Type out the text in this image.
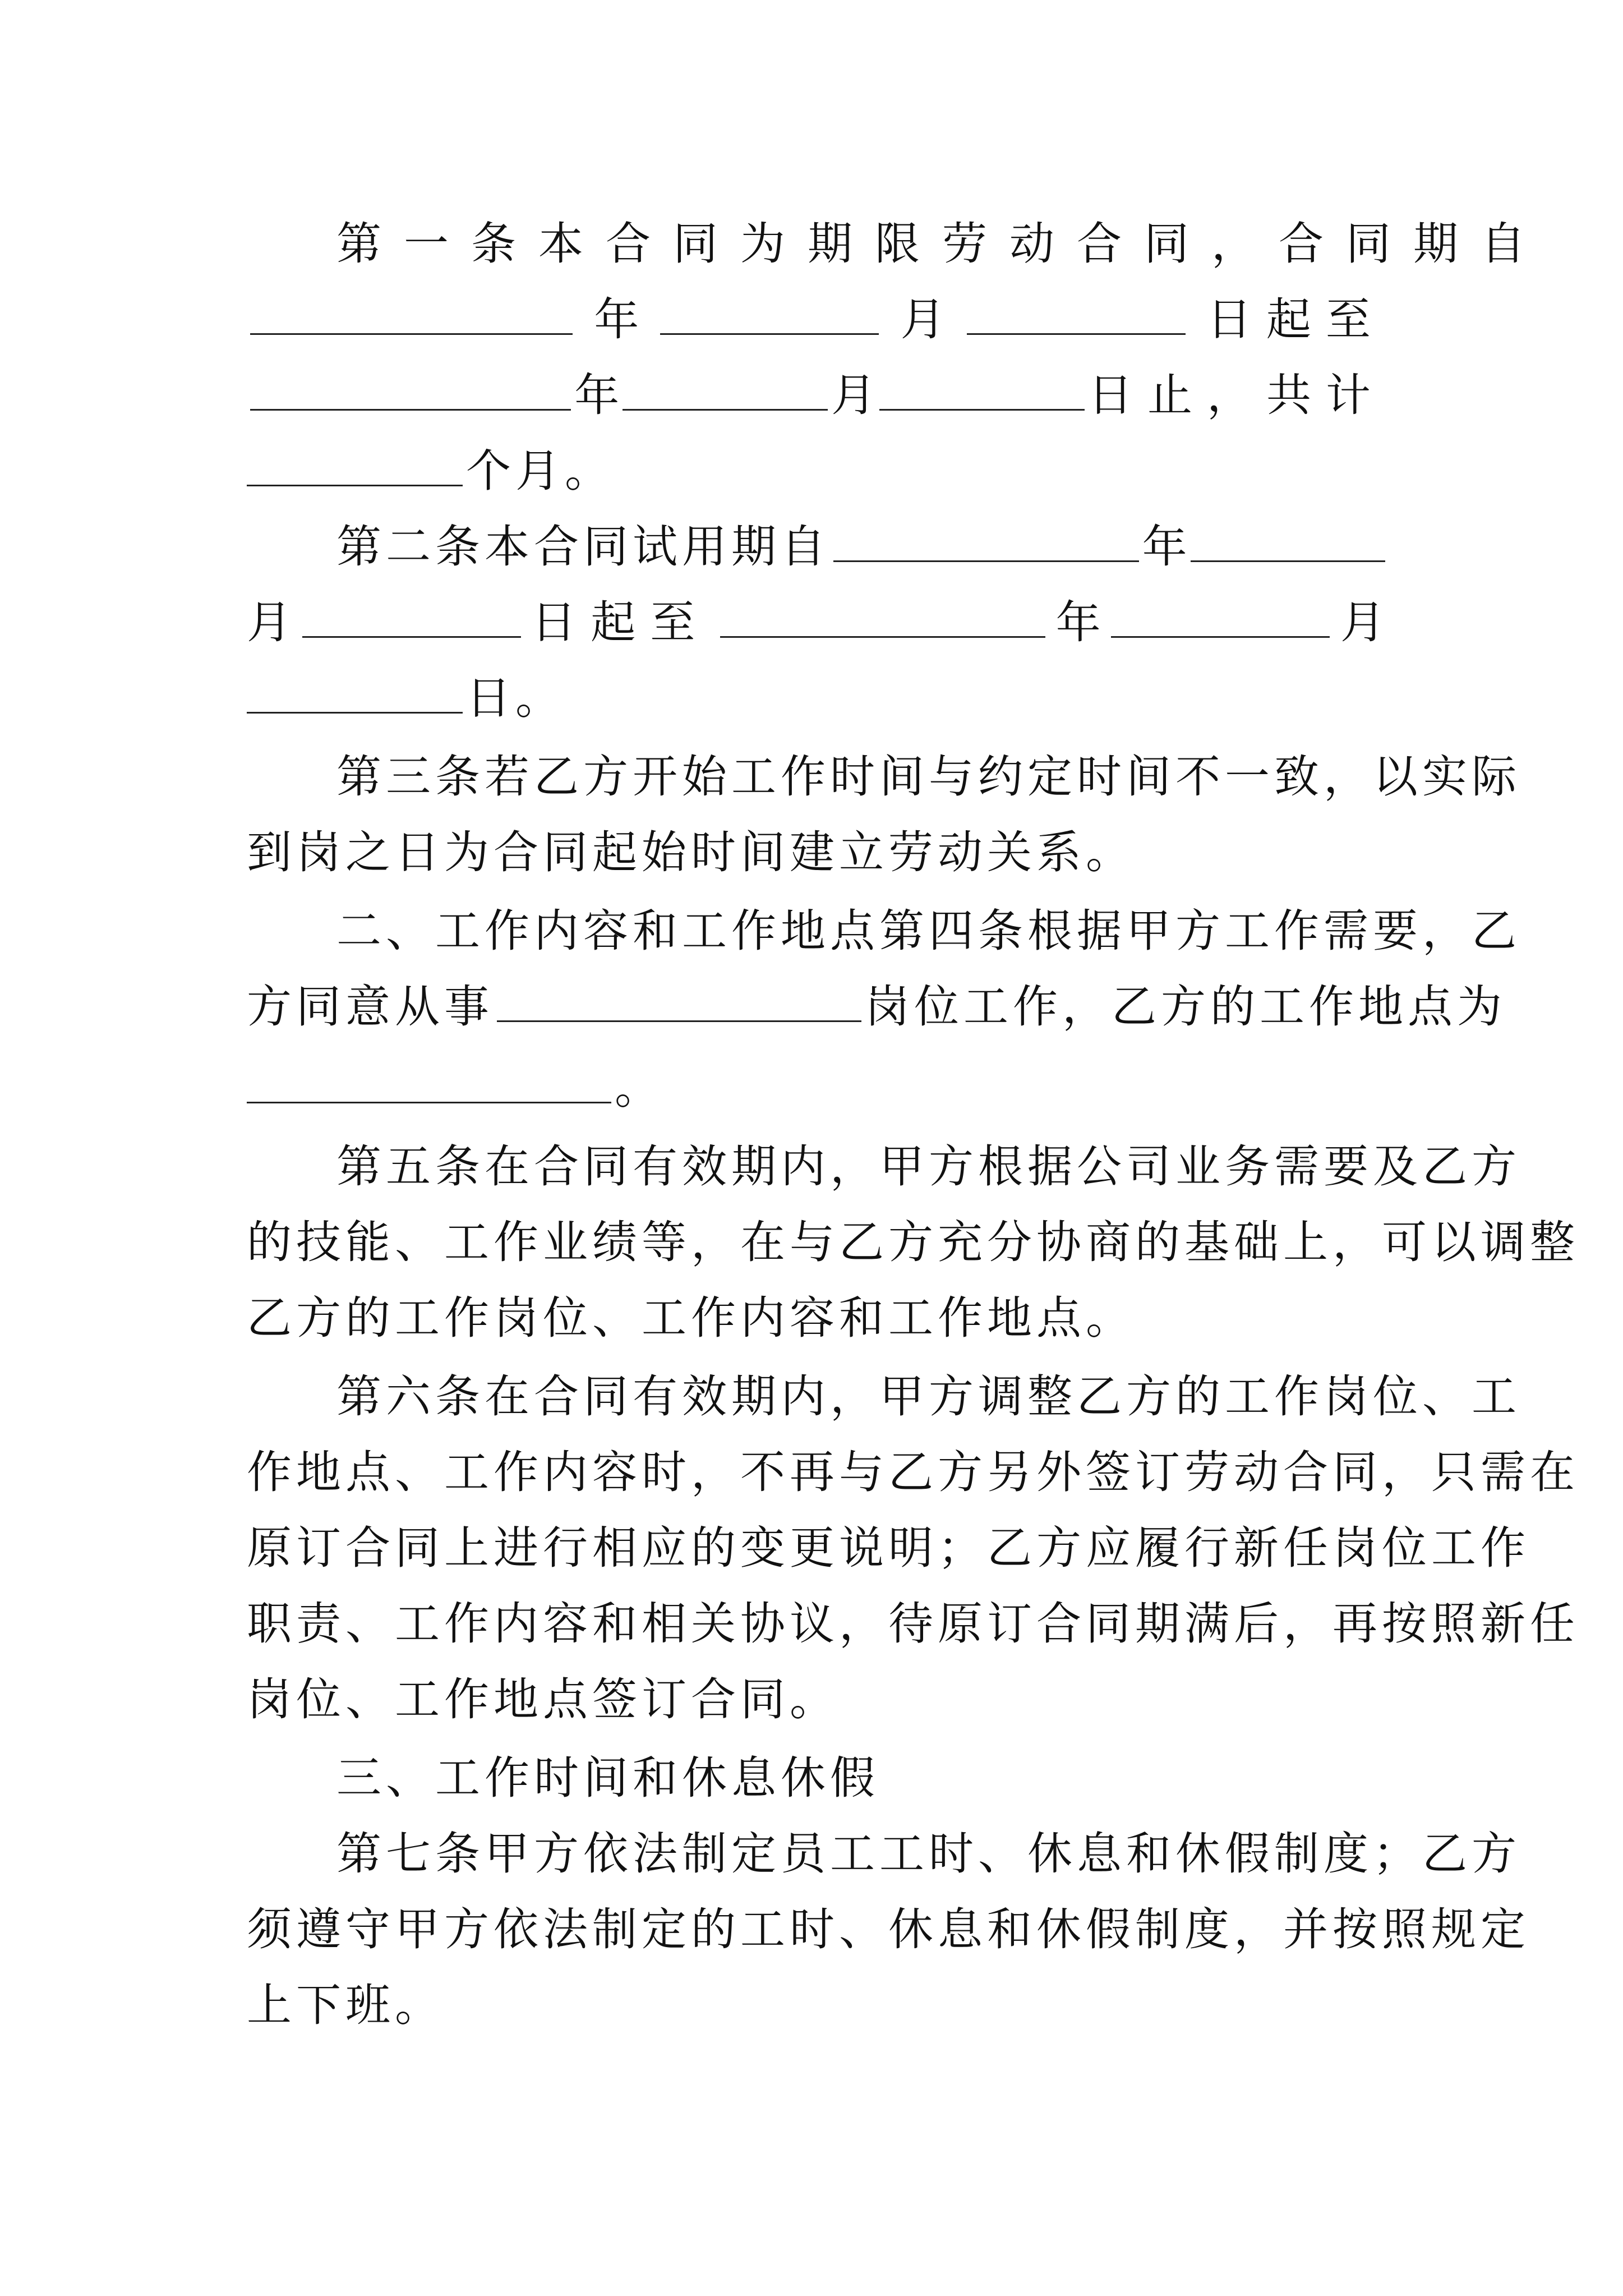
第一条本合同为期限劳动合同，合同期自
年	月	日起至
年	月	日止，共计
个月。
第二条本合同试用期自	年
月	日起至	年	月
日。
第三条若乙方开始工作时间与约定时间不一致，以实际
到岗之日为合同起始时间建立劳动关系。
二、工作内容和工作地点第四条根据甲方工作需要，乙
方同意从事	岗位工作，乙方的工作地点为
。
第五条在合同有效期内，甲方根据公司业务需要及乙方
的技能、工作业绩等，在与乙方充分协商的基础上，可以调整
乙方的工作岗位、工作内容和工作地点。
第六条在合同有效期内，甲方调整乙方的工作岗位、工
作地点、工作内容时，不再与乙方另外签订劳动合同，只需在
原订合同上进行相应的变更说明；乙方应履行新任岗位工作
职责、工作内容和相关协议，待原订合同期满后，再按照新任
岗位、工作地点签订合同。
三、工作时间和休息休假
第七条甲方依法制定员工工时、休息和休假制度；乙方
须遵守甲方依法制定的工时、休息和休假制度，并按照规定
上下班。
